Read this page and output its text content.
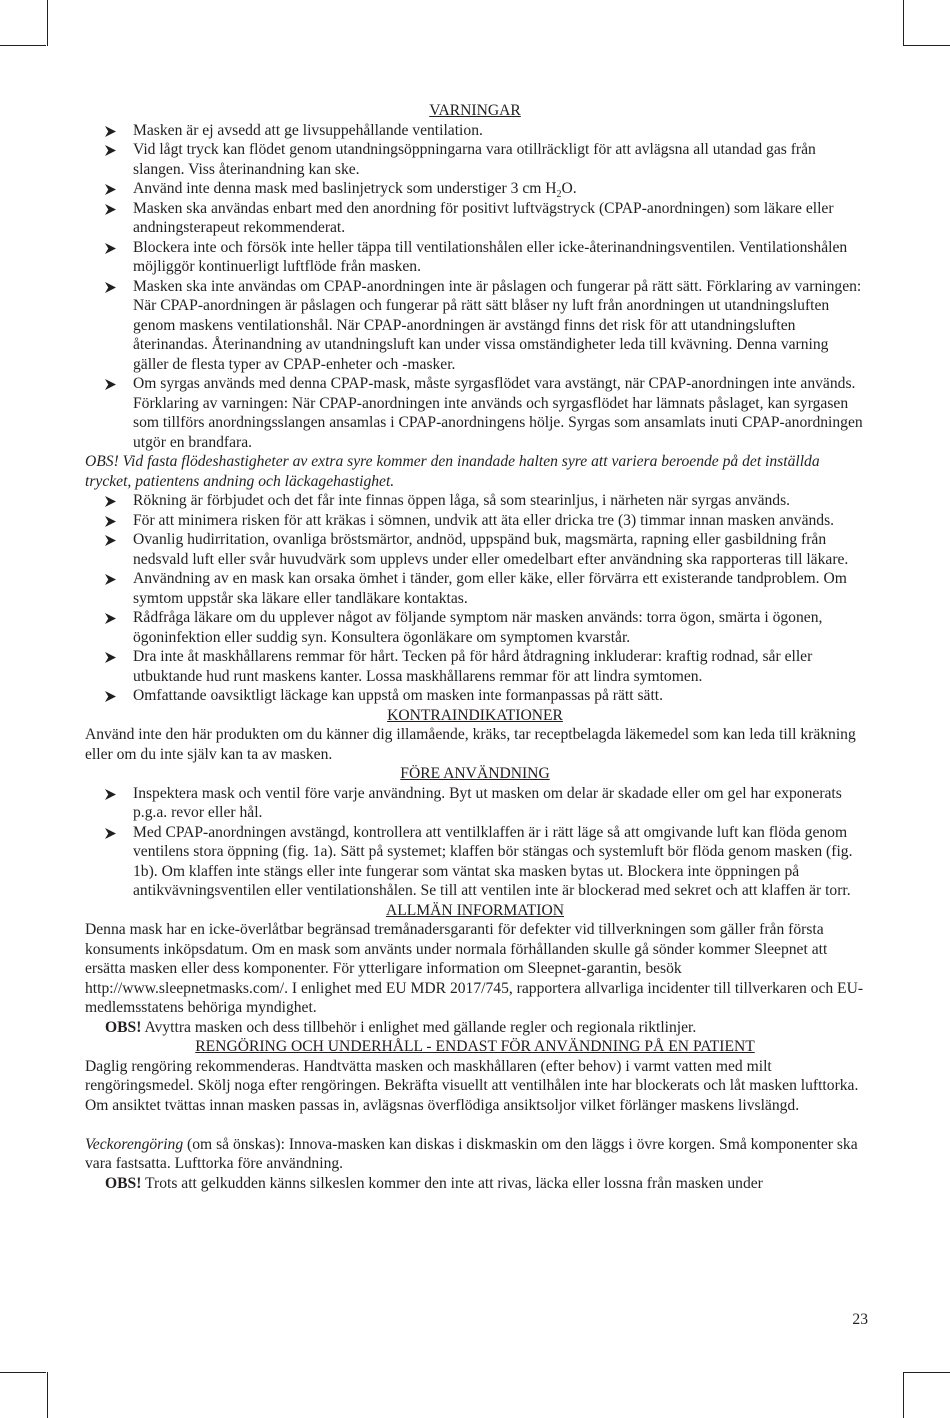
VARNINGAR
Masken är ej avsedd att ge livsuppehållande ventilation.
Vid lågt tryck kan flödet genom utandningsöppningarna vara otillräckligt för att avlägsna all utandad gas från slangen. Viss återinandning kan ske.
Använd inte denna mask med baslinjetryck som understiger 3 cm $H_2O$.
Masken ska användas enbart med den anordning för positivt luftvägstryck (CPAP-anordningen) som läkare eller andningsterapeut rekommenderat.
Blockera inte och försök inte heller täppa till ventilationshålen eller icke-återinandningsventilen. Ventilationshålen möjliggör kontinuerligt luftflöde från masken.
Masken ska inte användas om CPAP-anordningen inte är påslagen och fungerar på rätt sätt. Förklaring av varningen: När CPAP-anordningen är påslagen och fungerar på rätt sätt blåser ny luft från anordningen ut utandningsluften genom maskens ventilationshål. När CPAP-anordningen är avstängd finns det risk för att utandningsluften återinandas. Återinandning av utandningsluft kan under vissa omständigheter leda till kvävning. Denna varning gäller de flesta typer av CPAP-enheter och -masker.
Om syrgas används med denna CPAP-mask, måste syrgasflödet vara avstängt, när CPAP-anordningen inte används. Förklaring av varningen: När CPAP-anordningen inte används och syrgasflödet har lämnats påslaget, kan syrgasen som tillförs anordningsslangen ansamlas i CPAP-anordningens hölje. Syrgas som ansamlats inuti CPAP-anordningen utgör en brandfara.

OBS! Vid fasta flödeshastigheter av extra syre kommer den inandade halten syre att variera beroende på det inställda trycket, patientens andning och läckagehastighet.

Rökning är förbjudet och det får inte finnas öppen låga, så som stearinljus, i närheten när syrgas används.
För att minimera risken för att kräkas i sömnen, undvik att äta eller dricka tre (3) timmar innan masken används.
Ovanlig hudirritation, ovanliga bröstsmärtor, andnöd, uppspänd buk, magsmärta, rapning eller gasbildning från nedsvald luft eller svår huvudvärk som upplevs under eller omedelbart efter användning ska rapporteras till läkare.
Användning av en mask kan orsaka ömhet i tänder, gom eller käke, eller förvärra ett existerande tandproblem. Om symtom uppstår ska läkare eller tandläkare kontaktas.
Rådfråga läkare om du upplever något av följande symptom när masken används: torra ögon, smärta i ögonen, ögoninfektion eller suddig syn. Konsultera ögonläkare om symptomen kvarstår.
Dra inte åt maskhållarens remmar för hårt. Tecken på för hård åtdragning inkluderar: kraftig rodnad, sår eller utbuktande hud runt maskens kanter. Lossa maskhållarens remmar för att lindra symtomen.
Omfattande oavsiktligt läckage kan uppstå om masken inte formanpassas på rätt sätt.
KONTRAINDIKATIONER

Använd inte den här produkten om du känner dig illamående, kräks, tar receptbelagda läkemedel som kan leda till kräkning eller om du inte själv kan ta av masken.

FÖRE ANVÄNDNING
Inspektera mask och ventil före varje användning. Byt ut masken om delar är skadade eller om gel har exponerats p.g.a. revor eller hål.
Med CPAP-anordningen avstängd, kontrollera att ventilklaffen är i rätt läge så att omgivande luft kan flöda genom ventilens stora öppning (fig. 1a). Sätt på systemet; klaffen bör stängas och systemluft bör flöda genom masken (fig. 1b). Om klaffen inte stängs eller inte fungerar som väntat ska masken bytas ut. Blockera inte öppningen på antikvävningsventilen eller ventilationshålen. Se till att ventilen inte är blockerad med sekret och att klaffen är torr.
ALLMÄN INFORMATION

Denna mask har en icke-överlåtbar begränsad tremånadersgaranti för defekter vid tillverkningen som gäller från första konsuments inköpsdatum. Om en mask som använts under normala förhållanden skulle gå sönder kommer Sleepnet att ersätta masken eller dess komponenter. För ytterligare information om Sleepnet-garantin, besök http://www.sleepnetmasks.com/. I enlighet med EU MDR 2017/745, rapportera allvarliga incidenter till tillverkaren och EU-medlemsstatens behöriga myndighet.

OBS! Avyttra masken och dess tillbehör i enlighet med gällande regler och regionala riktlinjer.

RENGÖRING OCH UNDERHÅLL - ENDAST FÖR ANVÄNDNING PÅ EN PATIENT

Daglig rengöring rekommenderas. Handtvätta masken och maskhållaren (efter behov) i varmt vatten med milt rengöringsmedel. Skölj noga efter rengöringen. Bekräfta visuellt att ventilhålen inte har blockerats och låt masken lufttorka. Om ansiktet tvättas innan masken passas in, avlägsnas överflödiga ansiktsoljor vilket förlänger maskens livslängd.

Veckorengöring (om så önskas): Innova-masken kan diskas i diskmaskin om den läggs i övre korgen. Små komponenter ska vara fastsatta. Lufttorka före användning.

OBS! Trots att gelkudden känns silkeslen kommer den inte att rivas, läcka eller lossna från masken under

23
